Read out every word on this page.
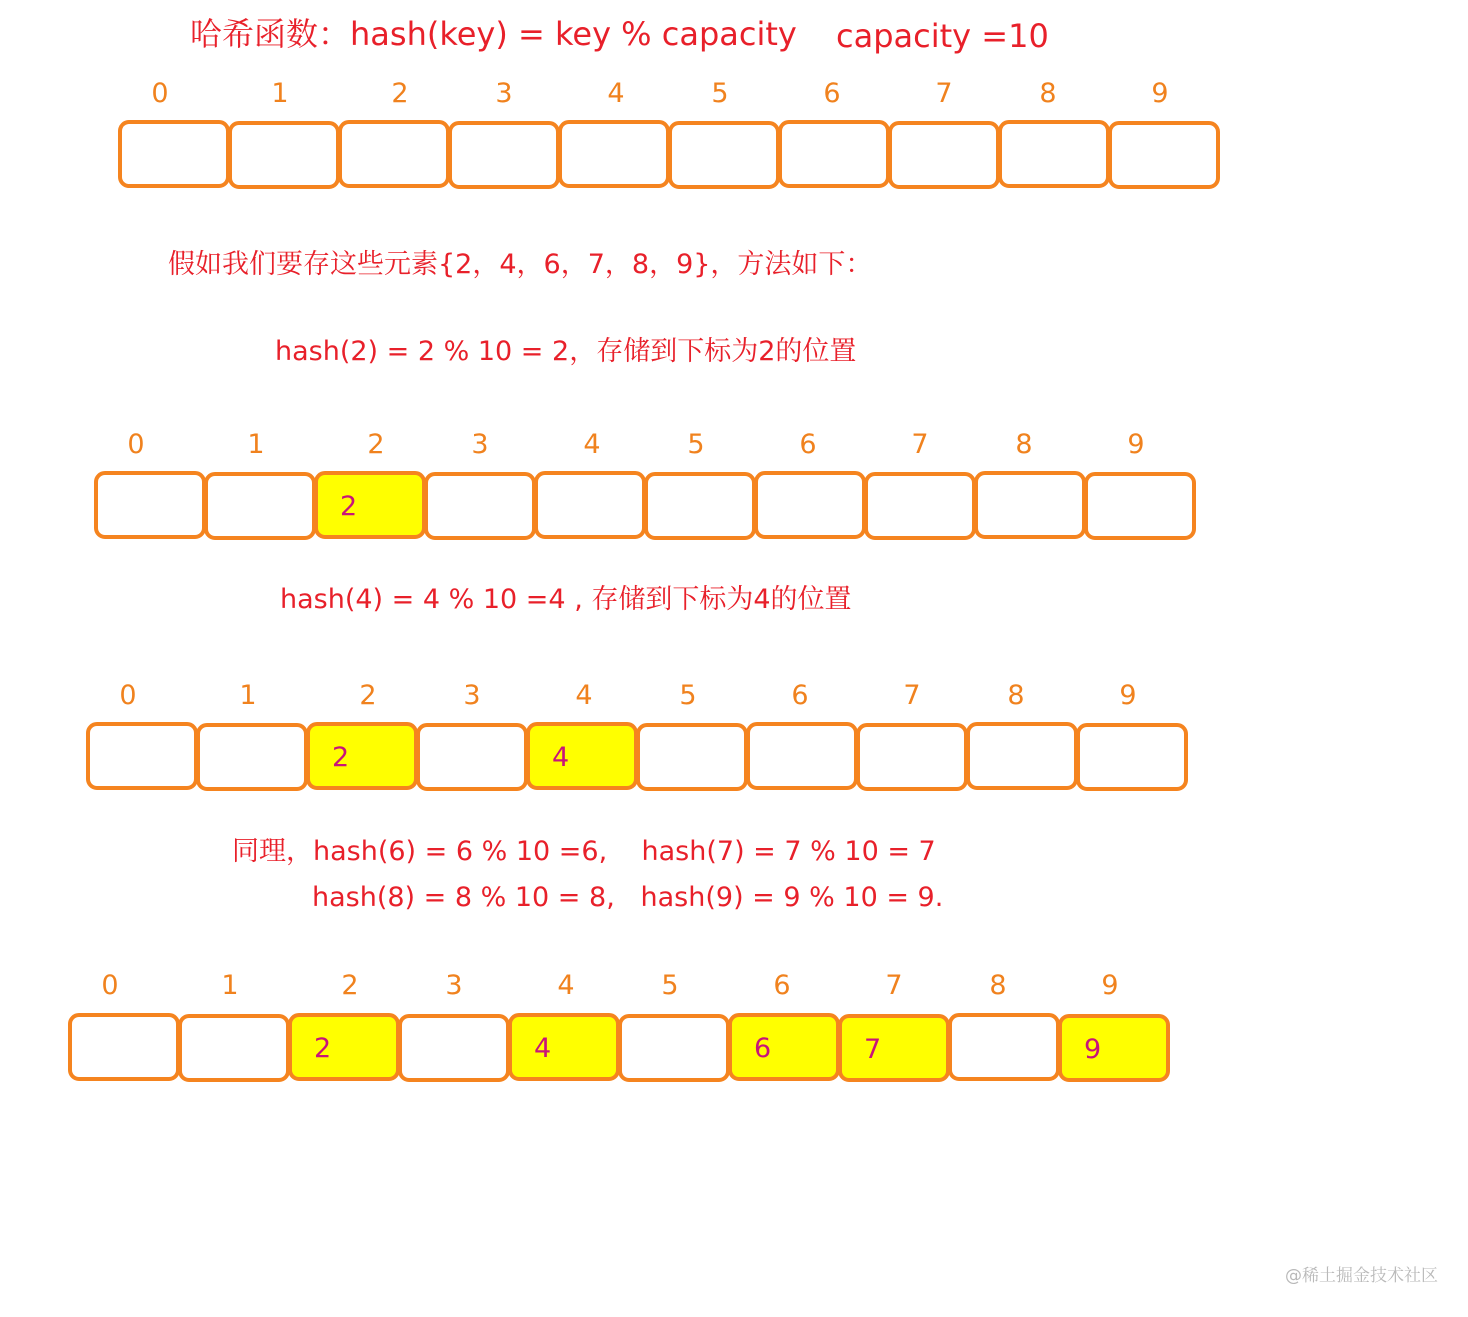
哈希函数：hash(key) = key % capacity capacity =10
假如我们要存这些元素{2，4，6，7，8，9}，方法如下：
hash(2) = 2 % 10 = 2，存储到下标为2的位置
hash(4) = 4 % 10 =4 , 存储到下标为4的位置
同理，hash(6) = 6 % 10 =6,    hash(7) = 7 % 10 = 7
hash(8) = 8 % 10 = 8,   hash(9) = 9 % 10 = 9.
0	1	2	3	4	5	6	7	8	9
0	1	2	3	4	5	6	7	8	9
2
0	1	2	3	4	5	6	7	8	9
2	4
0	1	2	3	4	5	6	7	8	9
2	4	6	7	9
@稀土掘金技术社区
